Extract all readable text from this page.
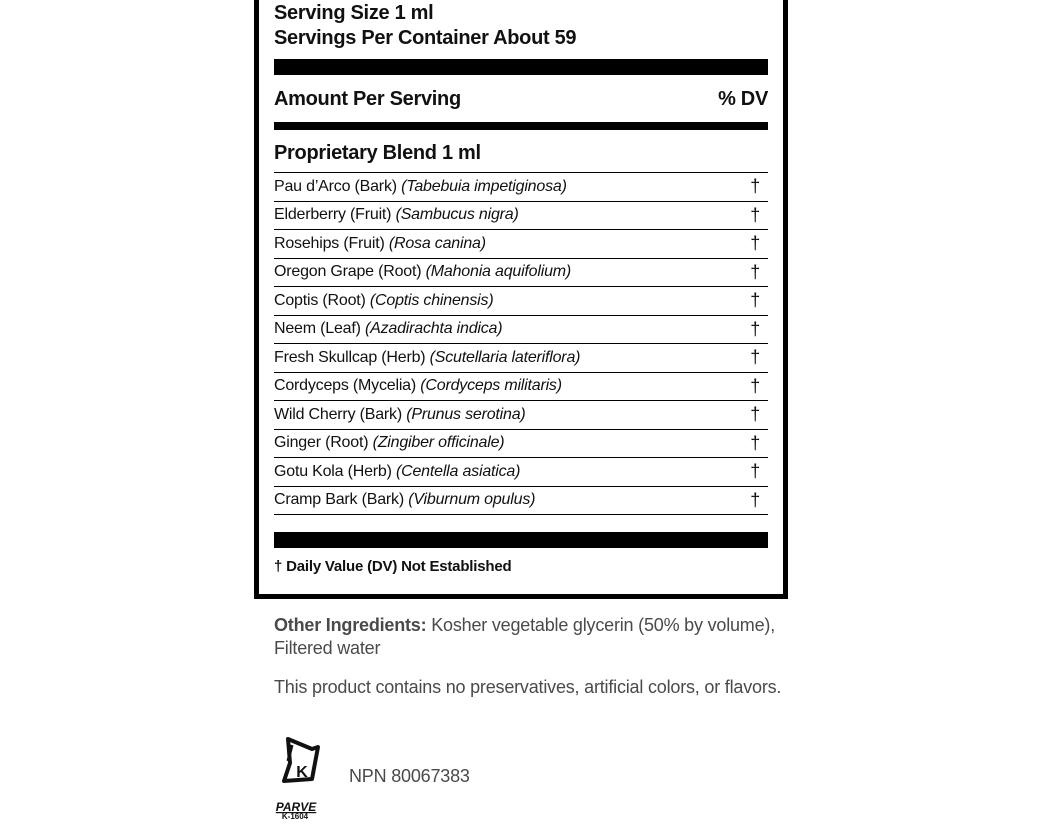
Serving Size 1 ml
Servings Per Container About 59
Amount Per Serving	% DV
Proprietary Blend 1 ml
Pau d’Arco (Bark) (Tabebuia impetiginosa)	†
Elderberry (Fruit) (Sambucus nigra)	†
Rosehips (Fruit) (Rosa canina)	†
Oregon Grape (Root) (Mahonia aquifolium)	†
Coptis (Root) (Coptis chinensis)	†
Neem (Leaf) (Azadirachta indica)	†
Fresh Skullcap (Herb) (Scutellaria lateriflora)	†
Cordyceps (Mycelia) (Cordyceps militaris)	†
Wild Cherry (Bark) (Prunus serotina)	†
Ginger (Root) (Zingiber officinale)	†
Gotu Kola (Herb) (Centella asiatica)	†
Cramp Bark (Bark) (Viburnum opulus)	†
† Daily Value (DV) Not Established
Other Ingredients: Kosher vegetable glycerin (50% by volume), Filtered water
This product contains no preservatives, artificial colors, or flavors.
K
PARVE
K-1604
NPN 80067383
